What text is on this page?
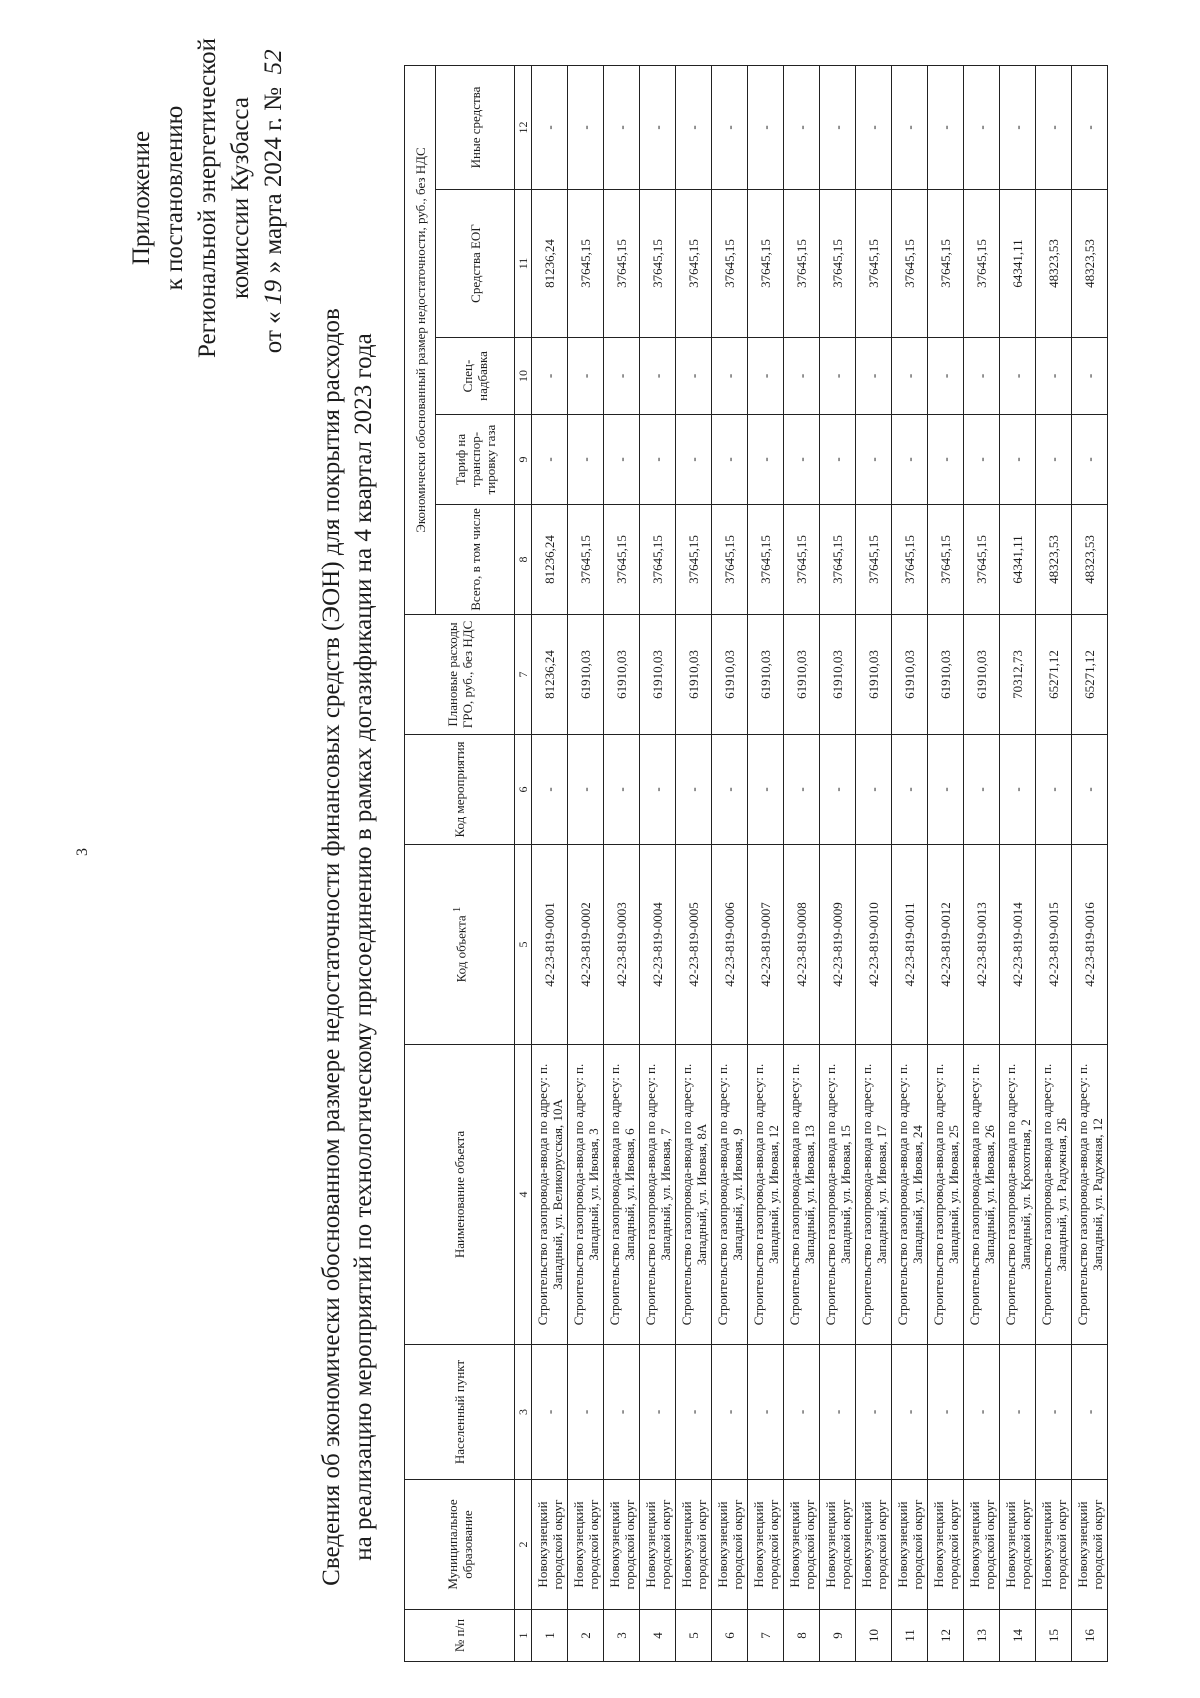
3
Приложение к постановлению Региональной энергетической комиссии Кузбасса
от «19» марта 2024 г. № 52
Сведения об экономически обоснованном размере недостаточности финансовых средств (ЭОН) для покрытия расходов на реализацию мероприятий по технологическому присоединению в рамках догазификации на 4 квартал 2023 года
№ п/п	Муниципальное образование	Населенный пункт	Наименование объекта	Код объекта $^1$	Код мероприятия	Плановые расходы ГРО, руб., без НДС	Экономически обоснованный размер недостаточности, руб., без НДС				
							Всего, в том числе	Тариф на транспор-тировку газа	Спец-надбавка	Средства ЕОГ	Иные средства
1	2	3	4	5	6	7	8	9	10	11	12
1	Новокузнецкий городской округ	-	Строительство газопровода-ввода по адресу: п. Западный, ул. Великорусская, 10А	42-23-819-0001	-	81236,24	81236,24	-	-	81236,24	-
2	Новокузнецкий городской округ	-	Строительство газопровода-ввода по адресу: п. Западный, ул. Ивовая, 3	42-23-819-0002	-	61910,03	37645,15	-	-	37645,15	-
3	Новокузнецкий городской округ	-	Строительство газопровода-ввода по адресу: п. Западный, ул. Ивовая, 6	42-23-819-0003	-	61910,03	37645,15	-	-	37645,15	-
4	Новокузнецкий городской округ	-	Строительство газопровода-ввода по адресу: п. Западный, ул. Ивовая, 7	42-23-819-0004	-	61910,03	37645,15	-	-	37645,15	-
5	Новокузнецкий городской округ	-	Строительство газопровода-ввода по адресу: п. Западный, ул. Ивовая, 8А	42-23-819-0005	-	61910,03	37645,15	-	-	37645,15	-
6	Новокузнецкий городской округ	-	Строительство газопровода-ввода по адресу: п. Западный, ул. Ивовая, 9	42-23-819-0006	-	61910,03	37645,15	-	-	37645,15	-
7	Новокузнецкий городской округ	-	Строительство газопровода-ввода по адресу: п. Западный, ул. Ивовая, 12	42-23-819-0007	-	61910,03	37645,15	-	-	37645,15	-
8	Новокузнецкий городской округ	-	Строительство газопровода-ввода по адресу: п. Западный, ул. Ивовая, 13	42-23-819-0008	-	61910,03	37645,15	-	-	37645,15	-
9	Новокузнецкий городской округ	-	Строительство газопровода-ввода по адресу: п. Западный, ул. Ивовая, 15	42-23-819-0009	-	61910,03	37645,15	-	-	37645,15	-
10	Новокузнецкий городской округ	-	Строительство газопровода-ввода по адресу: п. Западный, ул. Ивовая, 17	42-23-819-0010	-	61910,03	37645,15	-	-	37645,15	-
11	Новокузнецкий городской округ	-	Строительство газопровода-ввода по адресу: п. Западный, ул. Ивовая, 24	42-23-819-0011	-	61910,03	37645,15	-	-	37645,15	-
12	Новокузнецкий городской округ	-	Строительство газопровода-ввода по адресу: п. Западный, ул. Ивовая, 25	42-23-819-0012	-	61910,03	37645,15	-	-	37645,15	-
13	Новокузнецкий городской округ	-	Строительство газопровода-ввода по адресу: п. Западный, ул. Ивовая, 26	42-23-819-0013	-	61910,03	37645,15	-	-	37645,15	-
14	Новокузнецкий городской округ	-	Строительство газопровода-ввода по адресу: п. Западный, ул. Крохотная, 2	42-23-819-0014	-	70312,73	64341,11	-	-	64341,11	-
15	Новокузнецкий городской округ	-	Строительство газопровода-ввода по адресу: п. Западный, ул. Радужная, 2Б	42-23-819-0015	-	65271,12	48323,53	-	-	48323,53	-
16	Новокузнецкий городской округ	-	Строительство газопровода-ввода по адресу: п. Западный, ул. Радужная, 12	42-23-819-0016	-	65271,12	48323,53	-	-	48323,53	-
